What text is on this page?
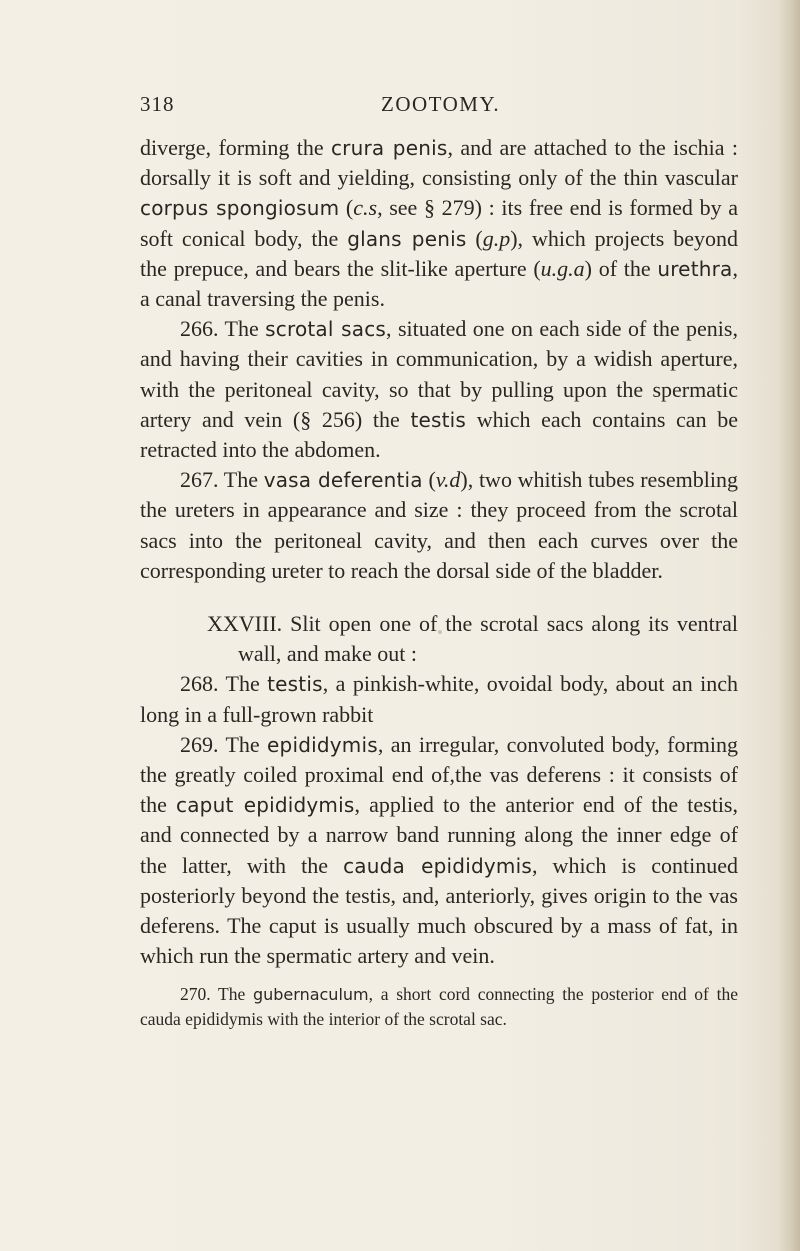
318	ZOOTOMY.

diverge, forming the crura penis, and are attached to the ischia : dorsally it is soft and yielding, consisting only of the thin vascular corpus spongiosum (c.s, see § 279) : its free end is formed by a soft conical body, the glans penis (g.p), which projects beyond the prepuce, and bears the slit-like aperture (u.g.a) of the urethra, a canal traversing the penis.

266. The scrotal sacs, situated one on each side of the penis, and having their cavities in communication, by a widish aperture, with the peritoneal cavity, so that by pulling upon the spermatic artery and vein (§ 256) the testis which each contains can be retracted into the abdomen.

267. The vasa deferentia (v.d), two whitish tubes resembling the ureters in appearance and size : they proceed from the scrotal sacs into the peritoneal cavity, and then each curves over the corresponding ureter to reach the dorsal side of the bladder.

XXVIII. Slit open one of the scrotal sacs along its ventral wall, and make out :

268. The testis, a pinkish-white, ovoidal body, about an inch long in a full-grown rabbit

269. The epididymis, an irregular, convoluted body, forming the greatly coiled proximal end of,the vas deferens : it consists of the caput epididymis, applied to the anterior end of the testis, and connected by a narrow band running along the inner edge of the latter, with the cauda epididymis, which is continued posteriorly beyond the testis, and, anteriorly, gives origin to the vas deferens. The caput is usually much obscured by a mass of fat, in which run the spermatic artery and vein.

270. The gubernaculum, a short cord connecting the posterior end of the cauda epididymis with the interior of the scrotal sac.
